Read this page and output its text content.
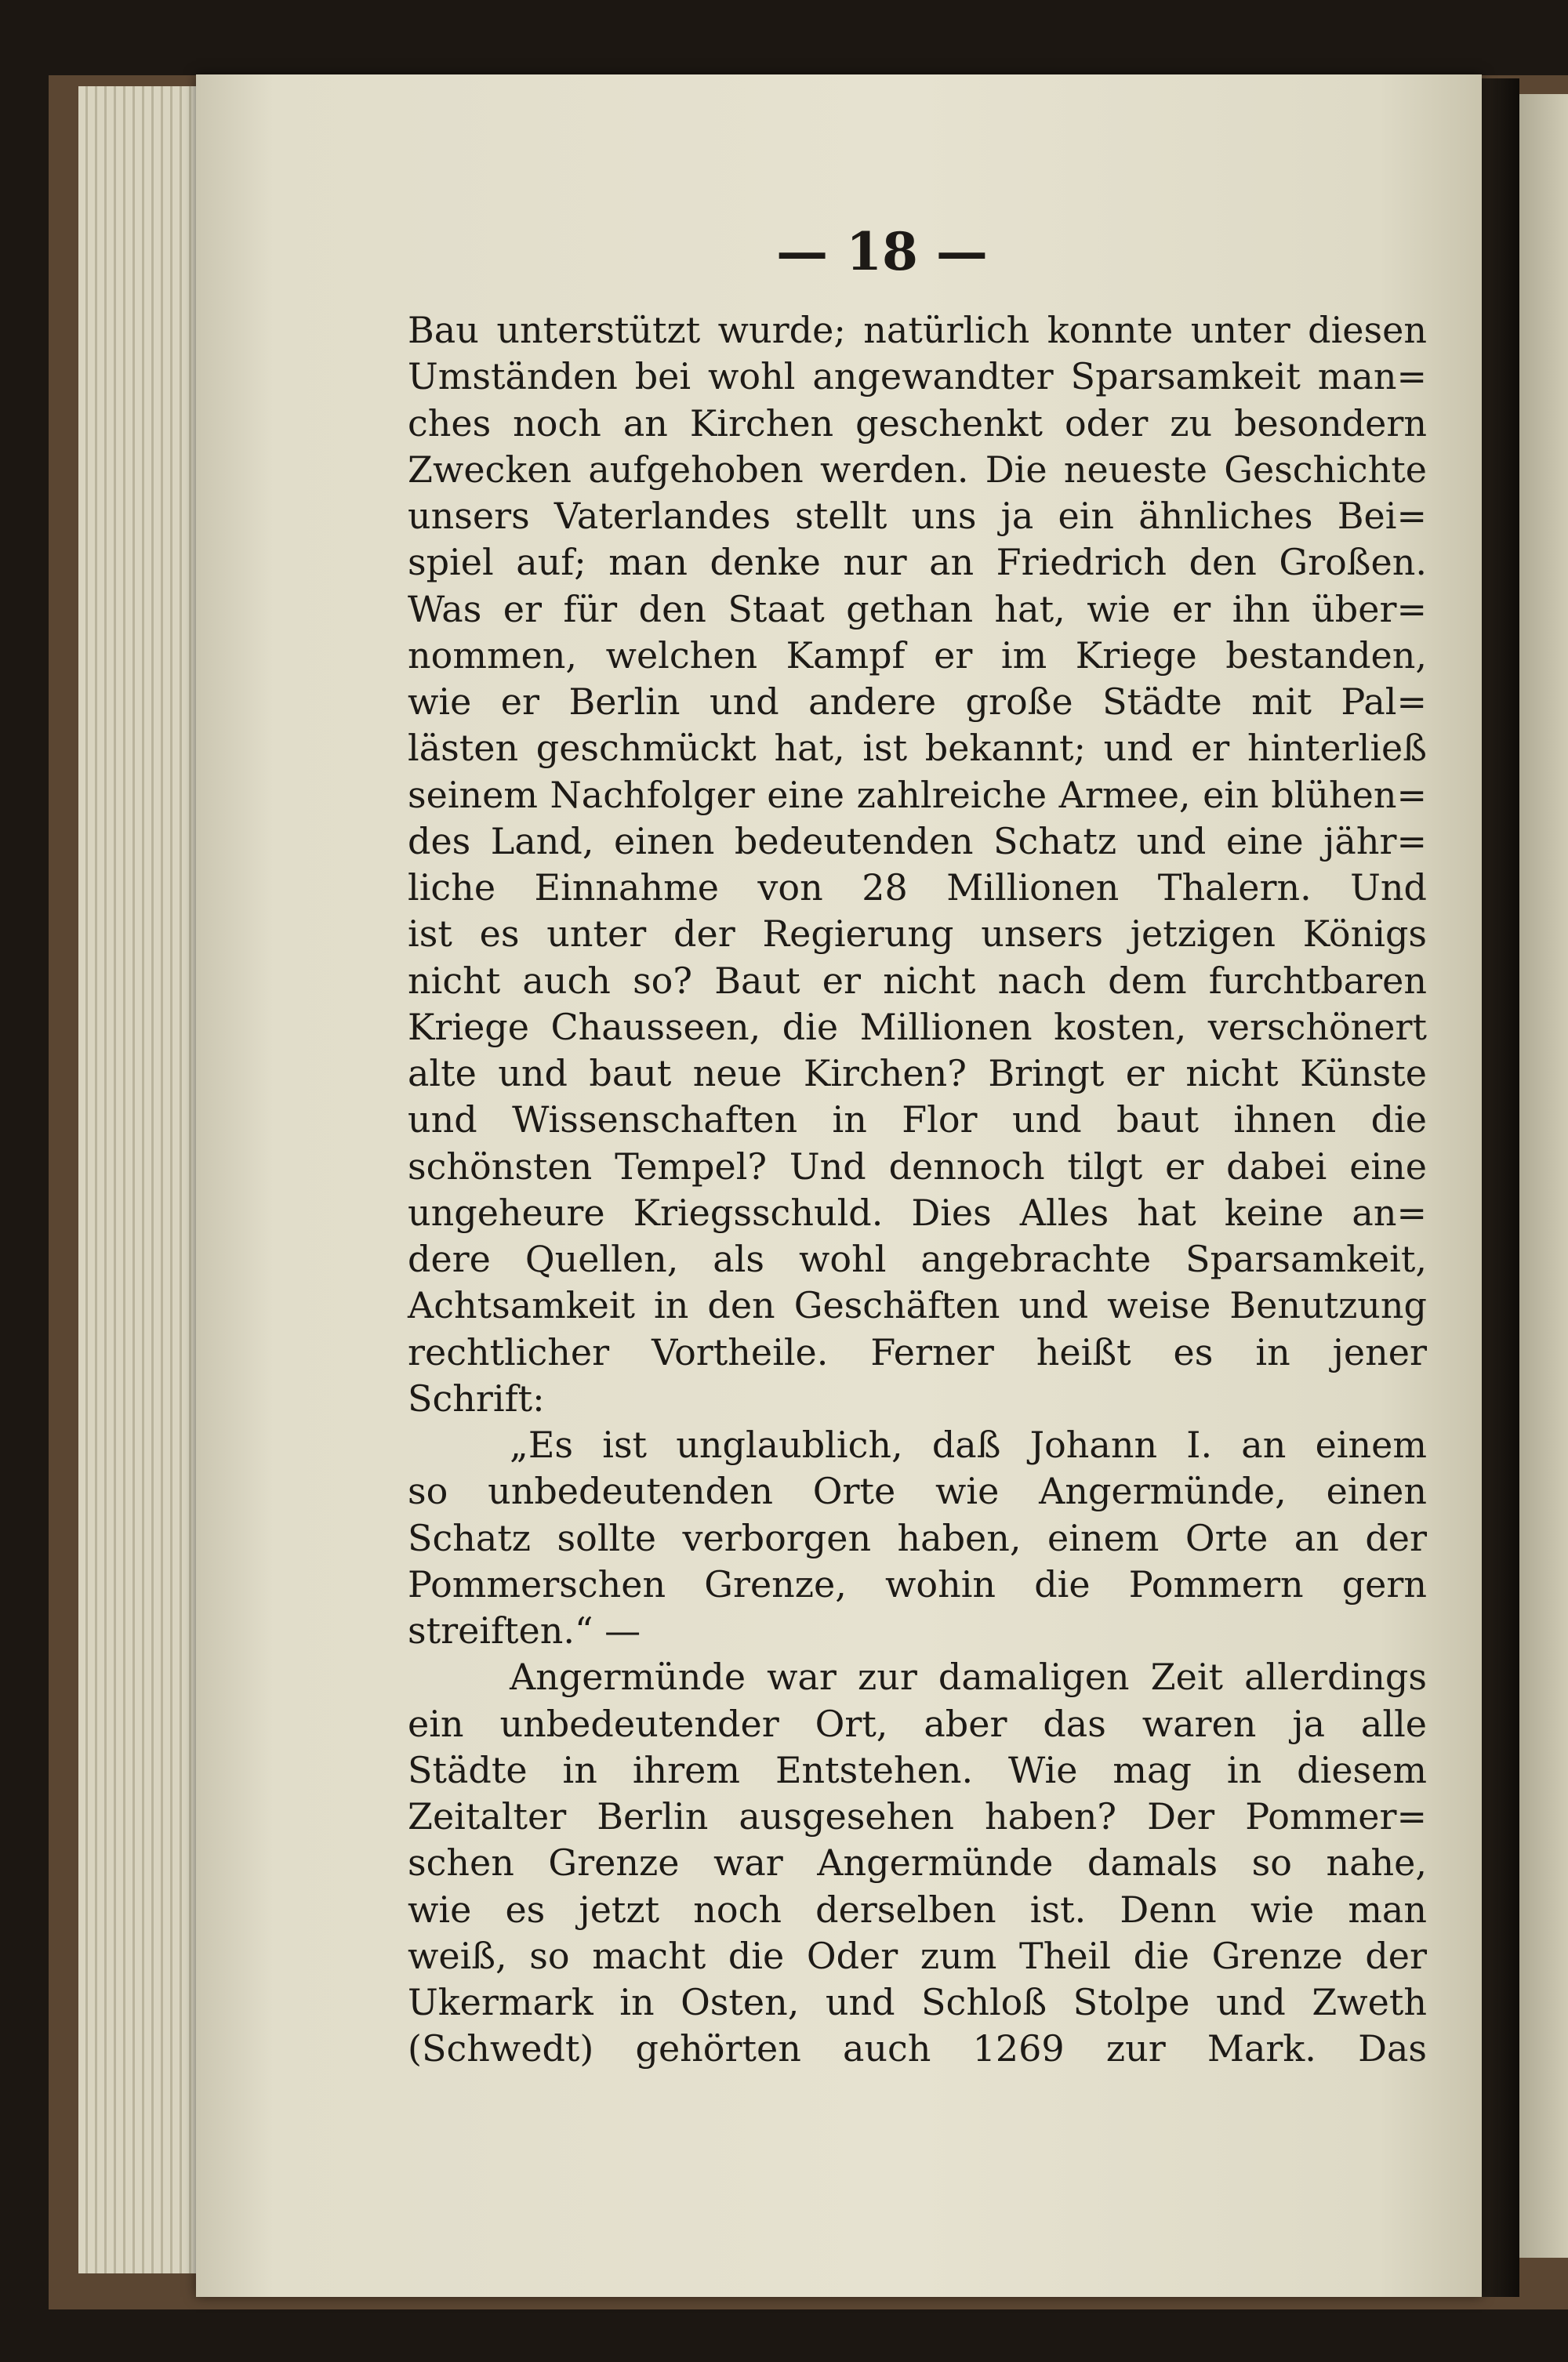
— 18 —
Bau unterstützt wurde; natürlich konnte unter diesen
Umständen bei wohl angewandter Sparsamkeit man=
ches noch an Kirchen geschenkt oder zu besondern
Zwecken aufgehoben werden. Die neueste Geschichte
unsers Vaterlandes stellt uns ja ein ähnliches Bei=
spiel auf; man denke nur an Friedrich den Großen.
Was er für den Staat gethan hat, wie er ihn über=
nommen, welchen Kampf er im Kriege bestanden,
wie er Berlin und andere große Städte mit Pal=
lästen geschmückt hat, ist bekannt; und er hinterließ
seinem Nachfolger eine zahlreiche Armee, ein blühen=
des Land, einen bedeutenden Schatz und eine jähr=
liche Einnahme von 28 Millionen Thalern. Und
ist es unter der Regierung unsers jetzigen Königs
nicht auch so? Baut er nicht nach dem furchtbaren
Kriege Chausseen, die Millionen kosten, verschönert
alte und baut neue Kirchen? Bringt er nicht Künste
und Wissenschaften in Flor und baut ihnen die
schönsten Tempel? Und dennoch tilgt er dabei eine
ungeheure Kriegsschuld. Dies Alles hat keine an=
dere Quellen, als wohl angebrachte Sparsamkeit,
Achtsamkeit in den Geschäften und weise Benutzung
rechtlicher Vortheile. Ferner heißt es in jener
Schrift:
„Es ist unglaublich, daß Johann I. an einem
so unbedeutenden Orte wie Angermünde, einen
Schatz sollte verborgen haben, einem Orte an der
Pommerschen Grenze, wohin die Pommern gern
streiften.“ —
Angermünde war zur damaligen Zeit allerdings
ein unbedeutender Ort, aber das waren ja alle
Städte in ihrem Entstehen. Wie mag in diesem
Zeitalter Berlin ausgesehen haben? Der Pommer=
schen Grenze war Angermünde damals so nahe,
wie es jetzt noch derselben ist. Denn wie man
weiß, so macht die Oder zum Theil die Grenze der
Ukermark in Osten, und Schloß Stolpe und Zweth
(Schwedt) gehörten auch 1269 zur Mark. Das
